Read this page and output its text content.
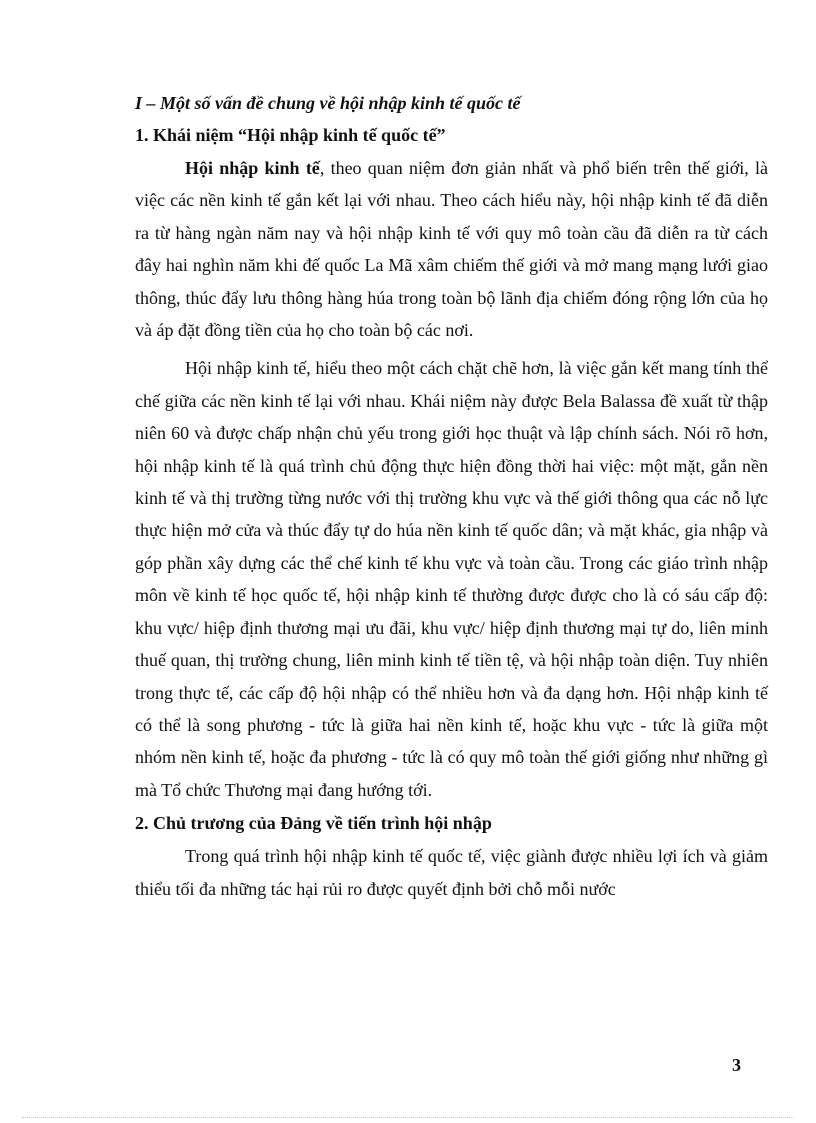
I – Một số vấn đề chung về hội nhập kinh tế quốc tế
1. Khái niệm “Hội nhập kinh tế quốc tế”

Hội nhập kinh tế, theo quan niệm đơn giản nhất và phổ biến trên thế giới, là việc các nền kinh tế gắn kết lại với nhau. Theo cách hiểu này, hội nhập kinh tế đã diễn ra từ hàng ngàn năm nay và hội nhập kinh tế với quy mô toàn cầu đã diễn ra từ cách đây hai nghìn năm khi đế quốc La Mã xâm chiếm thế giới và mở mang mạng lưới giao thông, thúc đẩy lưu thông hàng húa trong toàn bộ lãnh địa chiếm đóng rộng lớn của họ và áp đặt đồng tiền của họ cho toàn bộ các nơi.

Hội nhập kinh tế, hiểu theo một cách chặt chẽ hơn, là việc gắn kết mang tính thể chế giữa các nền kinh tế lại với nhau. Khái niệm này được Bela Balassa đề xuất từ thập niên 60 và được chấp nhận chủ yếu trong giới học thuật và lập chính sách. Nói rõ hơn, hội nhập kinh tế là quá trình chủ động thực hiện đồng thời hai việc: một mặt, gắn nền kinh tế và thị trường từng nước với thị trường khu vực và thế giới thông qua các nỗ lực thực hiện mở cửa và thúc đẩy tự do húa nền kinh tế quốc dân; và mặt khác, gia nhập và góp phần xây dựng các thể chế kinh tế khu vực và toàn cầu. Trong các giáo trình nhập môn về kinh tế học quốc tế, hội nhập kinh tế thường được được cho là có sáu cấp độ: khu vực/ hiệp định thương mại ưu đãi, khu vực/ hiệp định thương mại tự do, liên minh thuế quan, thị trường chung, liên minh kinh tế tiền tệ, và hội nhập toàn diện. Tuy nhiên trong thực tế, các cấp độ hội nhập có thể nhiều hơn và đa dạng hơn. Hội nhập kinh tế có thể là song phương - tức là giữa hai nền kinh tế, hoặc khu vực - tức là giữa một nhóm nền kinh tế, hoặc đa phương - tức là có quy mô toàn thế giới giống như những gì mà Tổ chức Thương mại đang hướng tới.

2. Chủ trương của Đảng về tiến trình hội nhập

Trong quá trình hội nhập kinh tế quốc tế, việc giành được nhiều lợi ích và giảm thiểu tối đa những tác hại rủi ro được quyết định bởi chỗ mỗi nước

3
